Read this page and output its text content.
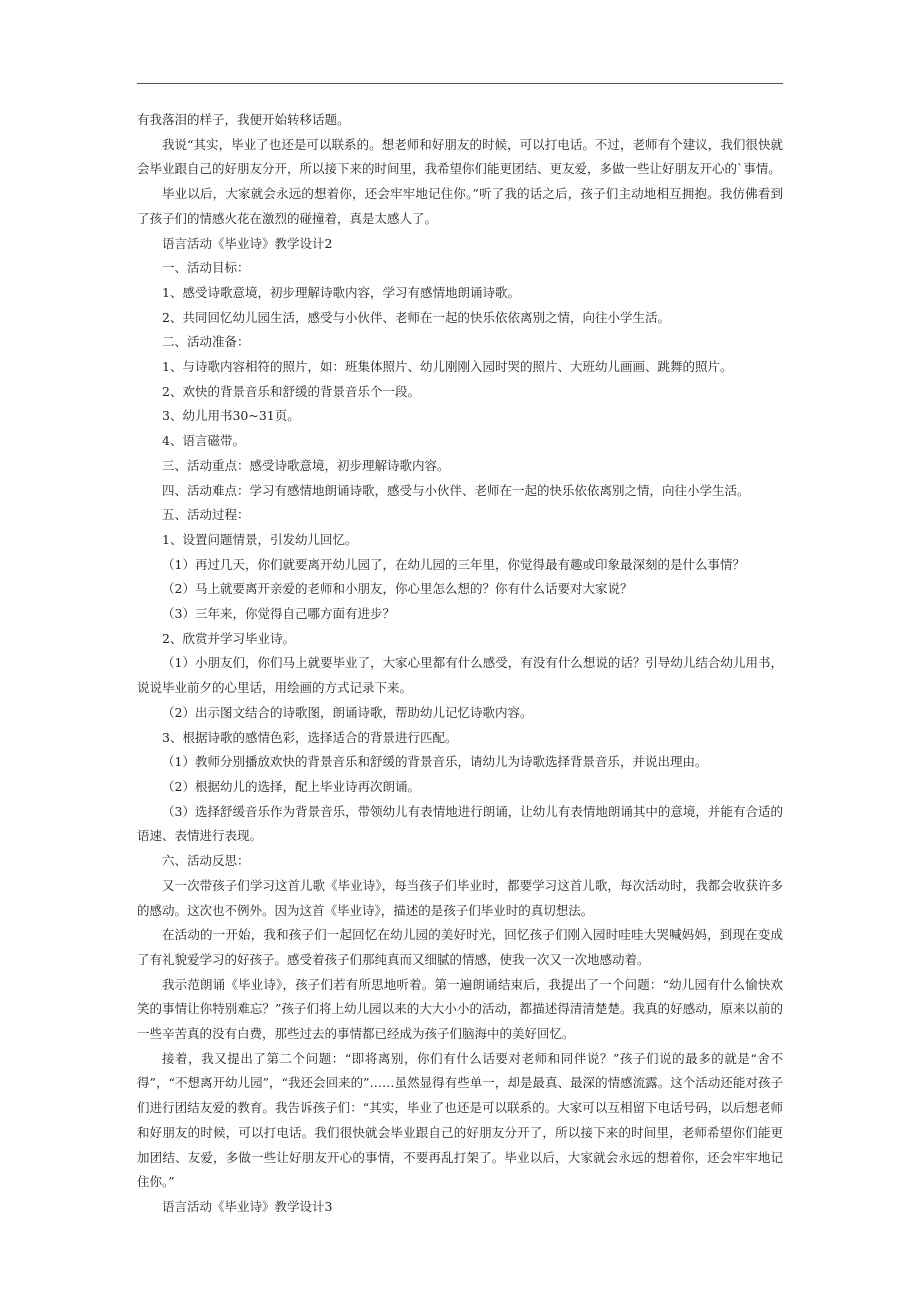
有我落泪的样子，我便开始转移话题。

我说“其实，毕业了也还是可以联系的。想老师和好朋友的时候，可以打电话。不过，老师有个建议，我们很快就会毕业跟自己的好朋友分开，所以接下来的时间里，我希望你们能更团结、更友爱，多做一些让好朋友开心的`事情。

毕业以后，大家就会永远的想着你，还会牢牢地记住你。”听了我的话之后，孩子们主动地相互拥抱。我仿佛看到了孩子们的情感火花在激烈的碰撞着，真是太感人了。

语言活动《毕业诗》教学设计2

一、活动目标：

1、感受诗歌意境，初步理解诗歌内容，学习有感情地朗诵诗歌。

2、共同回忆幼儿园生活，感受与小伙伴、老师在一起的快乐依依离别之情，向往小学生活。

二、活动准备：

1、与诗歌内容相符的照片，如：班集体照片、幼儿刚刚入园时哭的照片、大班幼儿画画、跳舞的照片。

2、欢快的背景音乐和舒缓的背景音乐个一段。

3、幼儿用书30~31页。

4、语言磁带。

三、活动重点：感受诗歌意境，初步理解诗歌内容。

四、活动难点：学习有感情地朗诵诗歌，感受与小伙伴、老师在一起的快乐依依离别之情，向往小学生活。

五、活动过程：

1、设置问题情景，引发幼儿回忆。

（1）再过几天，你们就要离开幼儿园了，在幼儿园的三年里，你觉得最有趣或印象最深刻的是什么事情？

（2）马上就要离开亲爱的老师和小朋友，你心里怎么想的？你有什么话要对大家说？

（3）三年来，你觉得自己哪方面有进步？

2、欣赏并学习毕业诗。

（1）小朋友们，你们马上就要毕业了，大家心里都有什么感受，有没有什么想说的话？引导幼儿结合幼儿用书，说说毕业前夕的心里话，用绘画的方式记录下来。

（2）出示图文结合的诗歌图，朗诵诗歌，帮助幼儿记忆诗歌内容。

3、根据诗歌的感情色彩，选择适合的背景进行匹配。

（1）教师分别播放欢快的背景音乐和舒缓的背景音乐，请幼儿为诗歌选择背景音乐，并说出理由。

（2）根据幼儿的选择，配上毕业诗再次朗诵。

（3）选择舒缓音乐作为背景音乐，带领幼儿有表情地进行朗诵，让幼儿有表情地朗诵其中的意境，并能有合适的语速、表情进行表现。

六、活动反思：

又一次带孩子们学习这首儿歌《毕业诗》，每当孩子们毕业时，都要学习这首儿歌，每次活动时，我都会收获许多的感动。这次也不例外。因为这首《毕业诗》，描述的是孩子们毕业时的真切想法。

在活动的一开始，我和孩子们一起回忆在幼儿园的美好时光，回忆孩子们刚入园时哇哇大哭喊妈妈，到现在变成了有礼貌爱学习的好孩子。感受着孩子们那纯真而又细腻的情感，使我一次又一次地感动着。

我示范朗诵《毕业诗》，孩子们若有所思地听着。第一遍朗诵结束后，我提出了一个问题：“幼儿园有什么愉快欢笑的事情让你特别难忘？”孩子们将上幼儿园以来的大大小小的活动，都描述得清清楚楚。我真的好感动，原来以前的一些辛苦真的没有白费，那些过去的事情都已经成为孩子们脑海中的美好回忆。

接着，我又提出了第二个问题：“即将离别，你们有什么话要对老师和同伴说？”孩子们说的最多的就是“舍不得”，“不想离开幼儿园”，“我还会回来的”……虽然显得有些单一，却是最真、最深的情感流露。这个活动还能对孩子们进行团结友爱的教育。我告诉孩子们：“其实，毕业了也还是可以联系的。大家可以互相留下电话号码，以后想老师和好朋友的时候，可以打电话。我们很快就会毕业跟自己的好朋友分开了，所以接下来的时间里，老师希望你们能更加团结、友爱，多做一些让好朋友开心的事情，不要再乱打架了。毕业以后，大家就会永远的想着你，还会牢牢地记住你。”

语言活动《毕业诗》教学设计3
